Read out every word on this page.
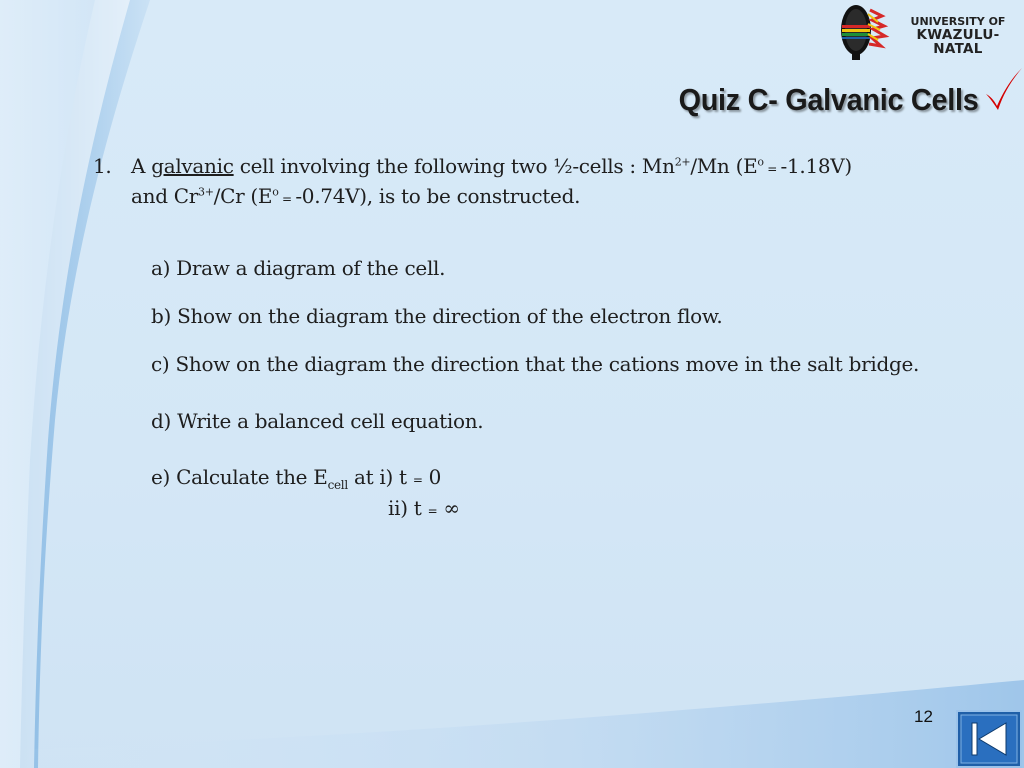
UNIVERSITY OF
KWAZULU-NATAL
Quiz C- Galvanic Cells
1. A galvanic cell involving the following two ½-cells : $Mn^{2+}/Mn$ $(E^o = -1.18V)$
and $Cr^{3+}/Cr$ $(E^o = -0.74V)$, is to be constructed.
a) Draw a diagram of the cell.
b) Show on the diagram the direction of the electron flow.
c) Show on the diagram the direction that the cations move in the salt bridge.
d) Write a balanced cell equation.
e) Calculate the $E_{cell}$ at i) t = 0
ii) t = ∞
12
